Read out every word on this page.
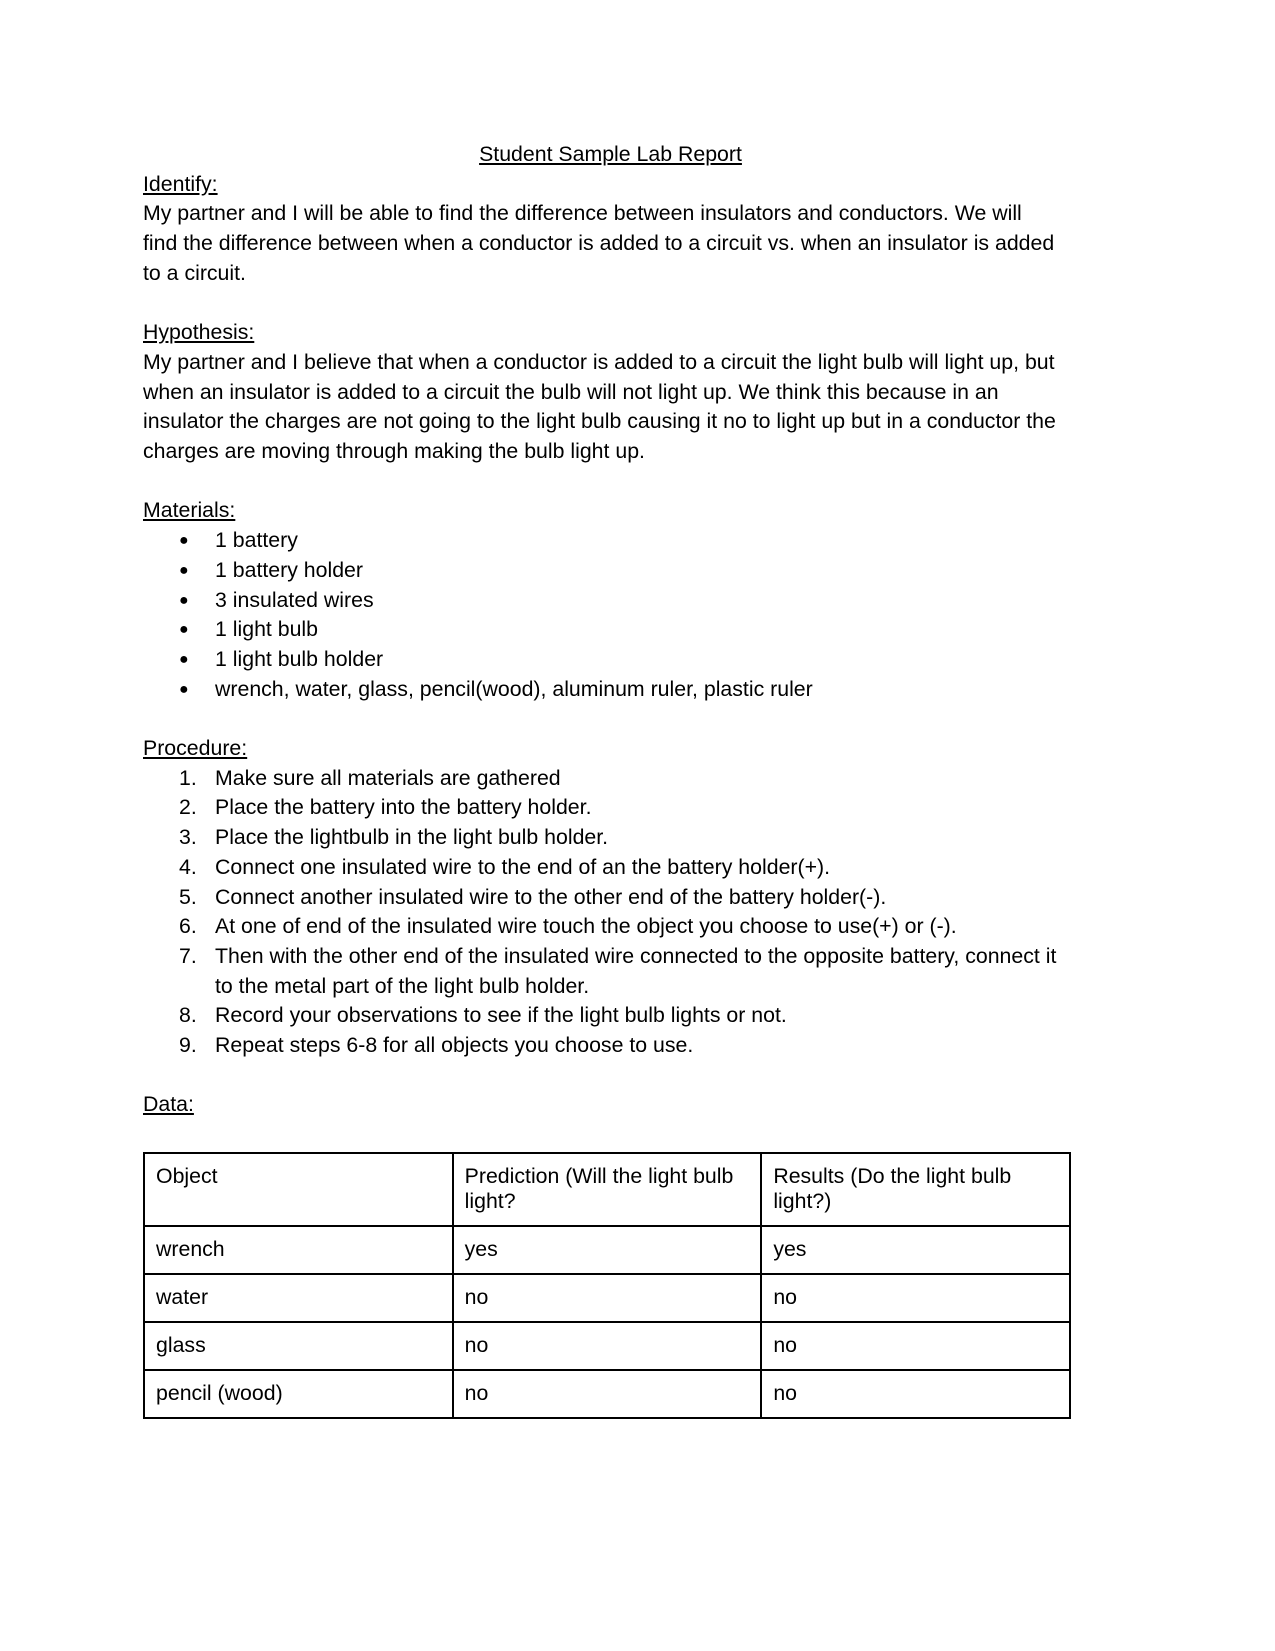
Student Sample Lab Report
Identify:
My partner and I will be able to find the difference between insulators and conductors. We will
find the difference between when a conductor is added to a circuit vs. when an insulator is added
to a circuit.
Hypothesis:
My partner and I believe that when a conductor is added to a circuit the light bulb will light up, but
when an insulator is added to a circuit the bulb will not light up. We think this because in an
insulator the charges are not going to the light bulb causing it no to light up but in a conductor the
charges are moving through making the bulb light up.
Materials:
● 1 battery
● 1 battery holder
● 3 insulated wires
● 1 light bulb
● 1 light bulb holder
● wrench, water, glass, pencil(wood), aluminum ruler, plastic ruler
Procedure:
1. Make sure all materials are gathered
2. Place the battery into the battery holder.
3. Place the lightbulb in the light bulb holder.
4. Connect one insulated wire to the end of an the battery holder(+).
5. Connect another insulated wire to the other end of the battery holder(-).
6. At one of end of the insulated wire touch the object you choose to use(+) or (-).
7. Then with the other end of the insulated wire connected to the opposite battery, connect it
to the metal part of the light bulb holder.
8. Record your observations to see if the light bulb lights or not.
9. Repeat steps 6-8 for all objects you choose to use.
Data:
Object	Prediction (Will the light bulb light?	Results (Do the light bulb light?)
wrench	yes	yes
water	no	no
glass	no	no
pencil (wood)	no	no
